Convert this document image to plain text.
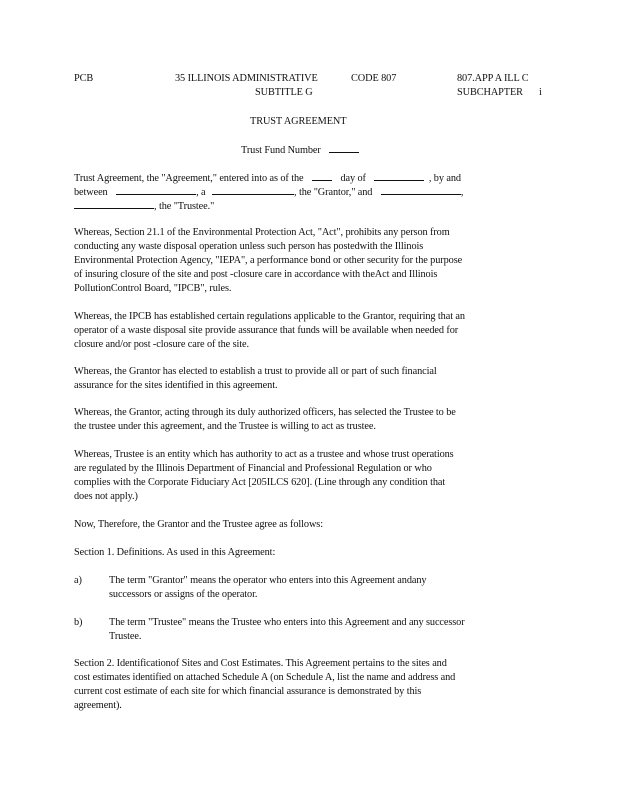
PCB	35 ILLINOIS ADMINISTRATIVE	CODE 807	807.APP A ILL C
SUBTITLE G	SUBCHAPTER i
TRUST AGREEMENT
Trust Fund Number
Trust Agreement, the "Agreement," entered into as of the	day of	, by and
between	, a	, the "Grantor," and	,
, the "Trustee."
Whereas, Section 21.1 of the Environmental Protection Act, "Act", prohibits any person from
conducting any waste disposal operation unless such person has postedwith the Illinois
Environmental Protection Agency, "IEPA", a performance bond or other security for the purpose
of insuring closure of the site and post -closure care in accordance with theAct and Illinois
PollutionControl Board, "IPCB", rules.
Whereas, the IPCB has established certain regulations applicable to the Grantor, requiring that an
operator of a waste disposal site provide assurance that funds will be available when needed for
closure and/or post -closure care of the site.
Whereas, the Grantor has elected to establish a trust to provide all or part of such financial
assurance for the sites identified in this agreement.
Whereas, the Grantor, acting through its duly authorized officers, has selected the Trustee to be
the trustee under this agreement, and the Trustee is willing to act as trustee.
Whereas, Trustee is an entity which has authority to act as a trustee and whose trust operations
are regulated by the Illinois Department of Financial and Professional Regulation or who
complies with the Corporate Fiduciary Act [205ILCS 620]. (Line through any condition that
does not apply.)
Now, Therefore, the Grantor and the Trustee agree as follows:
Section 1. Definitions. As used in this Agreement:
a)	The term "Grantor" means the operator who enters into this Agreement andany
successors or assigns of the operator.
b)	The term "Trustee" means the Trustee who enters into this Agreement and any successor
Trustee.
Section 2. Identificationof Sites and Cost Estimates. This Agreement pertains to the sites and
cost estimates identified on attached Schedule A (on Schedule A, list the name and address and
current cost estimate of each site for which financial assurance is demonstrated by this
agreement).
